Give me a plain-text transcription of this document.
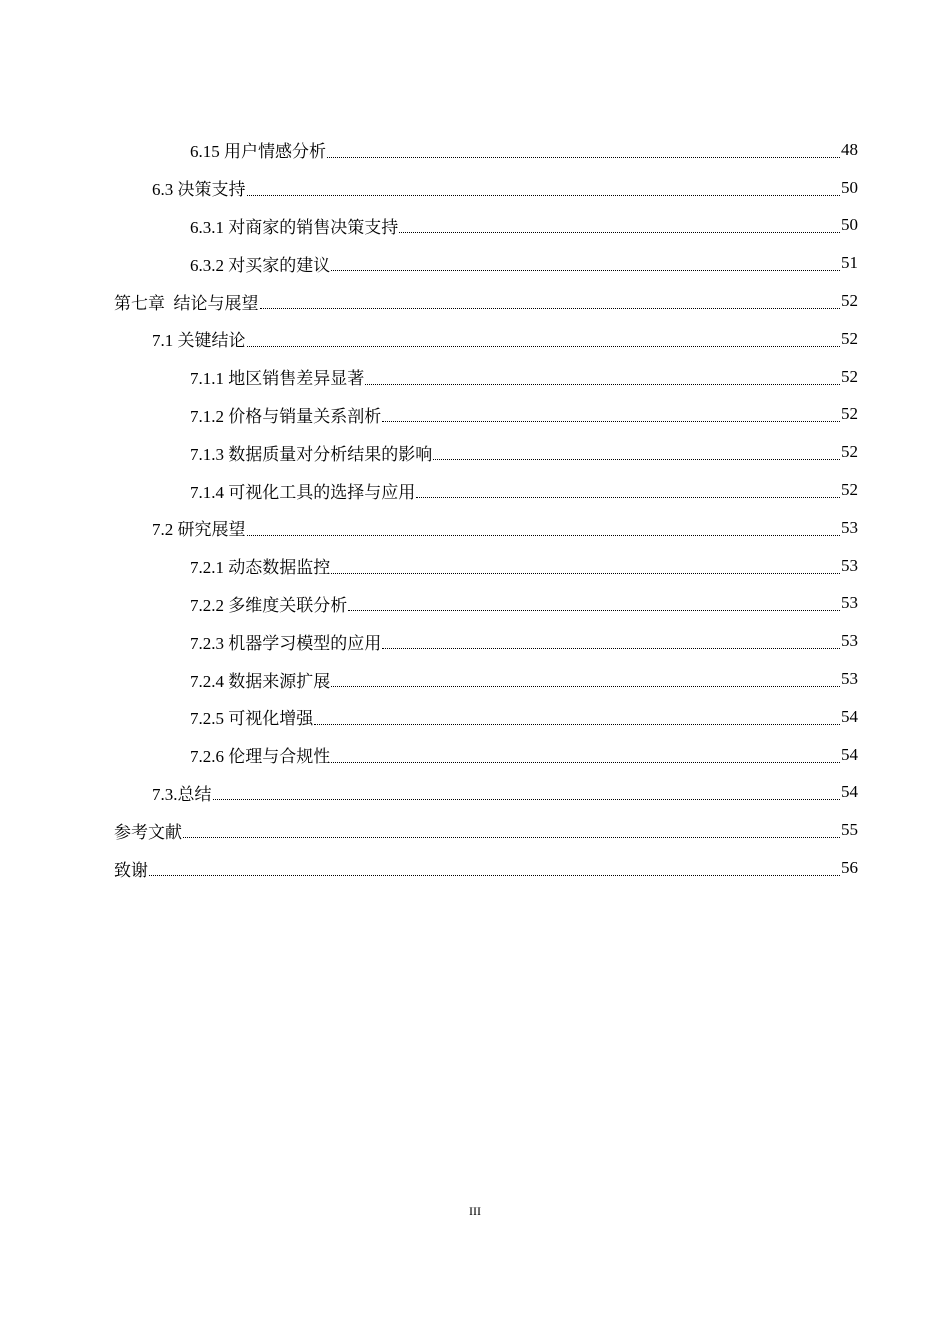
6.15 用户情感分析	48
6.3 决策支持	50
6.3.1 对商家的销售决策支持	50
6.3.2 对买家的建议	51
第七章  结论与展望	52
7.1 关键结论	52
7.1.1 地区销售差异显著	52
7.1.2 价格与销量关系剖析	52
7.1.3 数据质量对分析结果的影响	52
7.1.4 可视化工具的选择与应用	52
7.2 研究展望	53
7.2.1 动态数据监控	53
7.2.2 多维度关联分析	53
7.2.3 机器学习模型的应用	53
7.2.4 数据来源扩展	53
7.2.5 可视化增强	54
7.2.6 伦理与合规性	54
7.3.总结	54
参考文献	55
致谢	56
III
